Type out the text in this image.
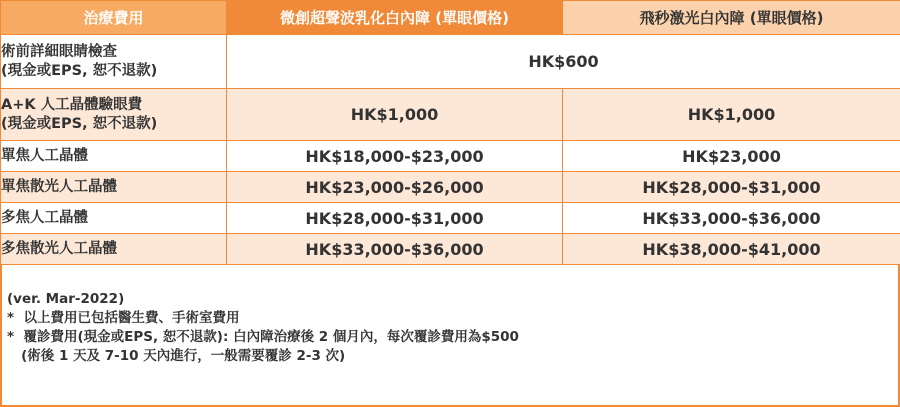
治療費用	微創超聲波乳化白內障 (單眼價格)	飛秒激光白內障 (單眼價格)

術前詳細眼睛檢查
(現金或EPS, 恕不退款)	HK$600	

A+K 人工晶體驗眼費
(現金或EPS, 恕不退款)	HK$1,000	HK$1,000
單焦人工晶體	HK$18,000-$23,000	HK$23,000
單焦散光人工晶體	HK$23,000-$26,000	HK$28,000-$31,000
多焦人工晶體	HK$28,000-$31,000	HK$33,000-$36,000
多焦散光人工晶體	HK$33,000-$36,000	HK$38,000-$41,000
(ver. Mar-2022)
*  以上費用已包括醫生費、手術室費用
*  覆診費用(現金或EPS, 恕不退款): 白內障治療後 2 個月內，每次覆診費用為$500
(術後 1 天及 7-10 天內進行，一般需要覆診 2-3 次)
